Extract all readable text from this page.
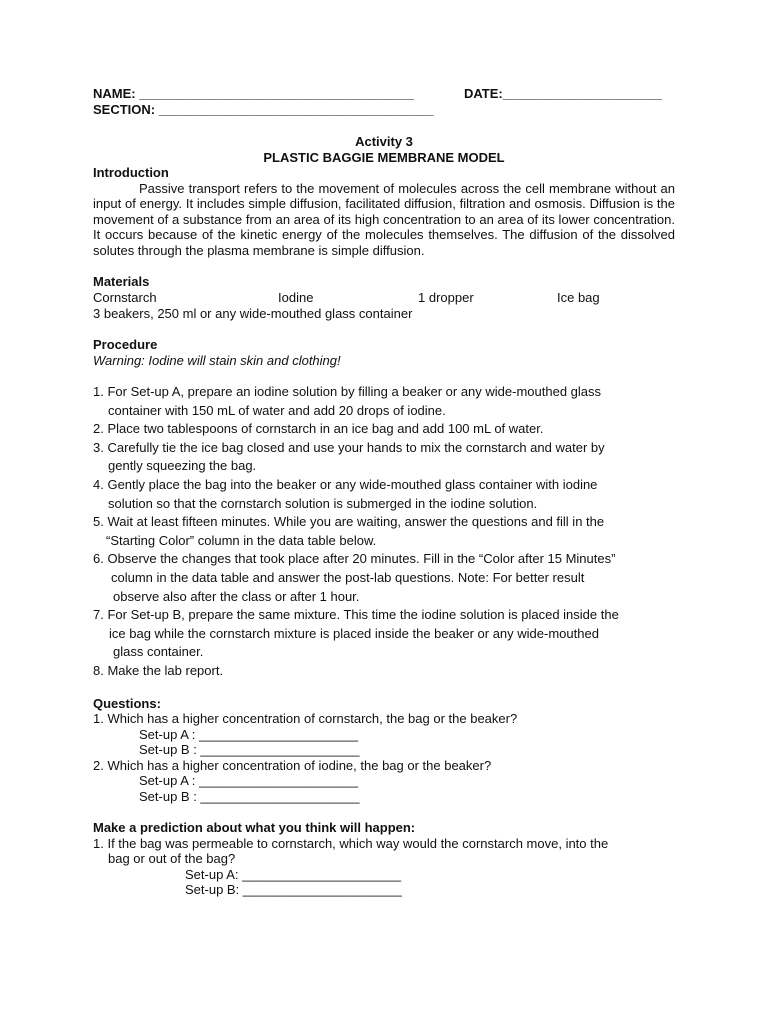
NAME: ______________________________________	DATE:______________________
SECTION: ______________________________________
Activity 3
PLASTIC BAGGIE MEMBRANE MODEL
Introduction
Passive transport refers to the movement of molecules across the cell membrane without an input of energy. It includes simple diffusion, facilitated diffusion, filtration and osmosis. Diffusion is the movement of a substance from an area of its high concentration to an area of its lower concentration. It occurs because of the kinetic energy of the molecules themselves. The diffusion of the dissolved solutes through the plasma membrane is simple diffusion.
Materials
Cornstarch	Iodine	1 dropper	Ice bag
3 beakers, 250 ml or any wide-mouthed glass container
Procedure
Warning: Iodine will stain skin and clothing!
1. For Set-up A, prepare an iodine solution by filling a beaker or any wide-mouthed glass
container with 150 mL of water and add 20 drops of iodine.
2. Place two tablespoons of cornstarch in an ice bag and add 100 mL of water.
3. Carefully tie the ice bag closed and use your hands to mix the cornstarch and water by
gently squeezing the bag.
4. Gently place the bag into the beaker or any wide-mouthed glass container with iodine
solution so that the cornstarch solution is submerged in the iodine solution.
5. Wait at least fifteen minutes. While you are waiting, answer the questions and fill in the
“Starting Color” column in the data table below.
6. Observe the changes that took place after 20 minutes. Fill in the “Color after 15 Minutes”
column in the data table and answer the post-lab questions. Note: For better result
observe also after the class or after 1 hour.
7. For Set-up B, prepare the same mixture. This time the iodine solution is placed inside the
ice bag while the cornstarch mixture is placed inside the beaker or any wide-mouthed
glass container.
8. Make the lab report.
Questions:
1. Which has a higher concentration of cornstarch, the bag or the beaker?
Set-up A : ______________________
Set-up B : ______________________
2. Which has a higher concentration of iodine, the bag or the beaker?
Set-up A : ______________________
Set-up B : ______________________
Make a prediction about what you think will happen:
1. If the bag was permeable to cornstarch, which way would the cornstarch move, into the
bag or out of the bag?
Set-up A: ______________________
Set-up B: ______________________
